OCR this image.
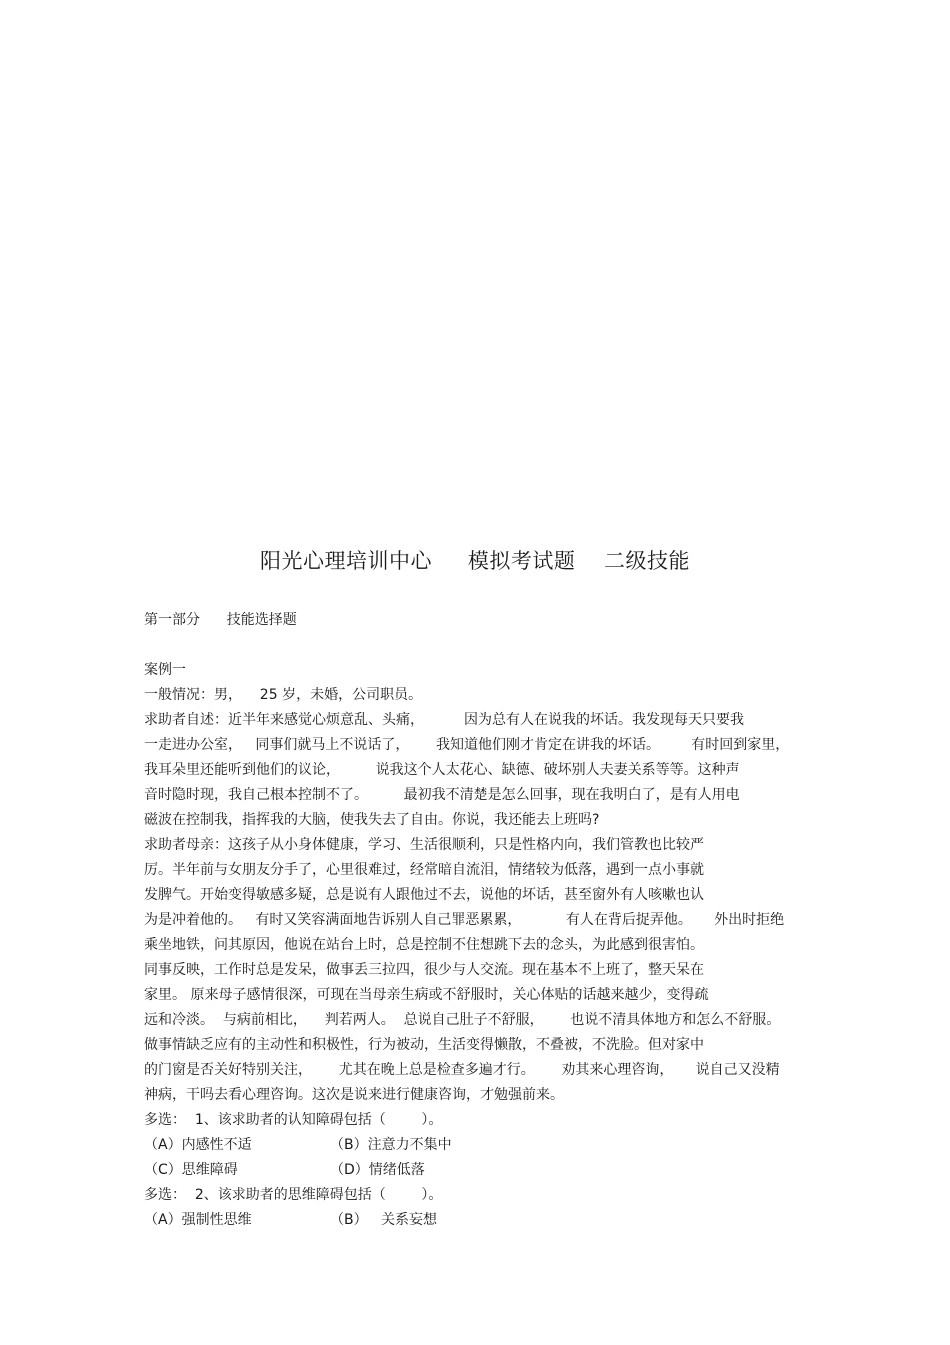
阳光心理培训中心     模拟考试题    二级技能
第一部分      技能选择题
案例一
一般情况：男，    25 岁，未婚，公司职员。
求助者自述：近半年来感觉心烦意乱、头痛，         因为总有人在说我的坏话。我发现每天只要我
一走进办公室，   同事们就马上不说话了，      我知道他们刚才肯定在讲我的坏话。       有时回到家里，
我耳朵里还能听到他们的议论，        说我这个人太花心、缺德、破坏别人夫妻关系等等。这种声
音时隐时现，我自己根本控制不了。        最初我不清楚是怎么回事，现在我明白了，是有人用电
磁波在控制我，指挥我的大脑，使我失去了自由。你说，我还能去上班吗?
求助者母亲：这孩子从小身体健康，学习、生活很顺利，只是性格内向，我们管教也比较严
厉。半年前与女朋友分手了，心里很难过，经常暗自流泪，情绪较为低落，遇到一点小事就
发脾气。开始变得敏感多疑，总是说有人跟他过不去，说他的坏话，甚至窗外有人咳嗽也认
为是冲着他的。   有时又笑容满面地告诉别人自己罪恶累累，          有人在背后捉弄他。     外出时拒绝
乘坐地铁，问其原因，他说在站台上时，总是控制不住想跳下去的念头，为此感到很害怕。
同事反映，工作时总是发呆，做事丢三拉四，很少与人交流。现在基本不上班了，整天呆在
家里。 原来母子感情很深，可现在当母亲生病或不舒服时，关心体贴的话越来越少，变得疏
远和冷淡。  与病前相比，    判若两人。  总说自己肚子不舒服，      也说不清具体地方和怎么不舒服。
做事情缺乏应有的主动性和积极性，行为被动，生活变得懒散，不叠被，不洗脸。但对家中
的门窗是否关好特别关注，      尤其在晚上总是检查多遍才行。      劝其来心理咨询，     说自己又没精
神病，干吗去看心理咨询。这次是说来进行健康咨询，才勉强前来。
多选：  1、该求助者的认知障碍包括（        ）。
（A）内感性不适	（B）注意力不集中
（C）思维障碍	（D）情绪低落
多选：  2、该求助者的思维障碍包括（        ）。
（A）强制性思维	（B）   关系妄想
